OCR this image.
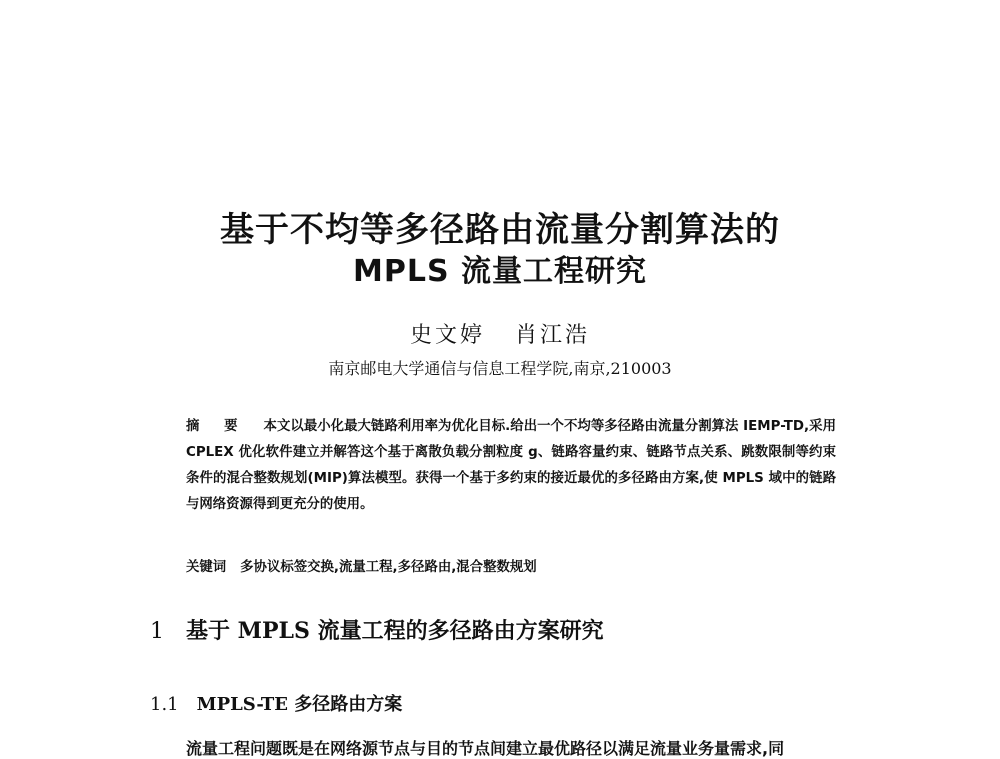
基于不均等多径路由流量分割算法的
MPLS 流量工程研究
史文婷 肖江浩
南京邮电大学通信与信息工程学院,南京,210003
摘 要 本文以最小化最大链路利用率为优化目标.给出一个不均等多径路由流量分割算法 IEMP-TD,采用 CPLEX 优化软件建立并解答这个基于离散负载分割粒度 g、链路容量约束、链路节点关系、跳数限制等约束条件的混合整数规划(MIP)算法模型。获得一个基于多约束的接近最优的多径路由方案,使 MPLS 域中的链路与网络资源得到更充分的使用。
关键词 多协议标签交换,流量工程,多径路由,混合整数规划
1 基于 MPLS 流量工程的多径路由方案研究
1.1 MPLS-TE 多径路由方案
流量工程问题既是在网络源节点与目的节点间建立最优路径以满足流量业务量需求,同
